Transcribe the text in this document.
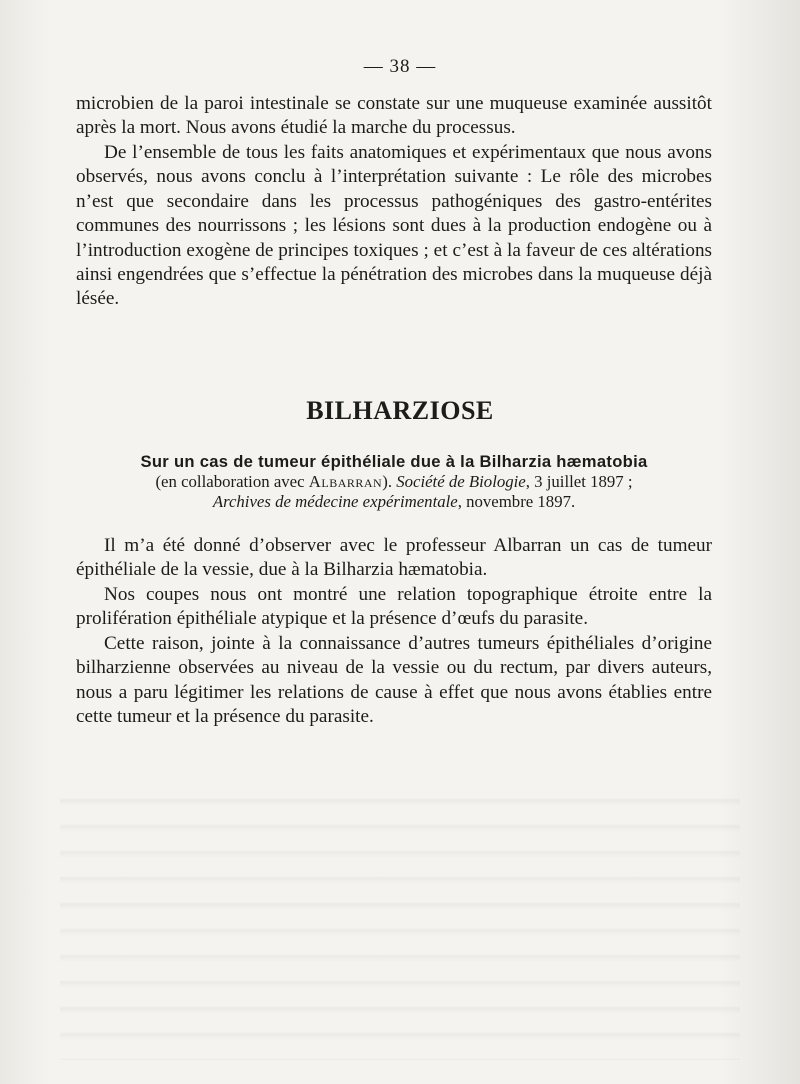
— 38 —

microbien de la paroi intestinale se constate sur une muqueuse examinée aussitôt après la mort. Nous avons étudié la marche du processus.

De l’ensemble de tous les faits anatomiques et expérimentaux que nous avons observés, nous avons conclu à l’interprétation suivante : Le rôle des microbes n’est que secondaire dans les processus pathogéniques des gastro-entérites communes des nourrissons ; les lésions sont dues à la production endogène ou à l’introduction exogène de principes toxiques ; et c’est à la faveur de ces altérations ainsi engendrées que s’effectue la pénétration des microbes dans la muqueuse déjà lésée.

BILHARZIOSE
Sur un cas de tumeur épithéliale due à la Bilharzia hæmatobia

(en collaboration avec Albarran). Société de Biologie, 3 juillet 1897 ;

Archives de médecine expérimentale, novembre 1897.

Il m’a été donné d’observer avec le professeur Albarran un cas de tumeur épithéliale de la vessie, due à la Bilharzia hæmatobia.

Nos coupes nous ont montré une relation topographique étroite entre la prolifération épithéliale atypique et la présence d’œufs du parasite.

Cette raison, jointe à la connaissance d’autres tumeurs épithéliales d’origine bilharzienne observées au niveau de la vessie ou du rectum, par divers auteurs, nous a paru légitimer les relations de cause à effet que nous avons établies entre cette tumeur et la présence du parasite.
